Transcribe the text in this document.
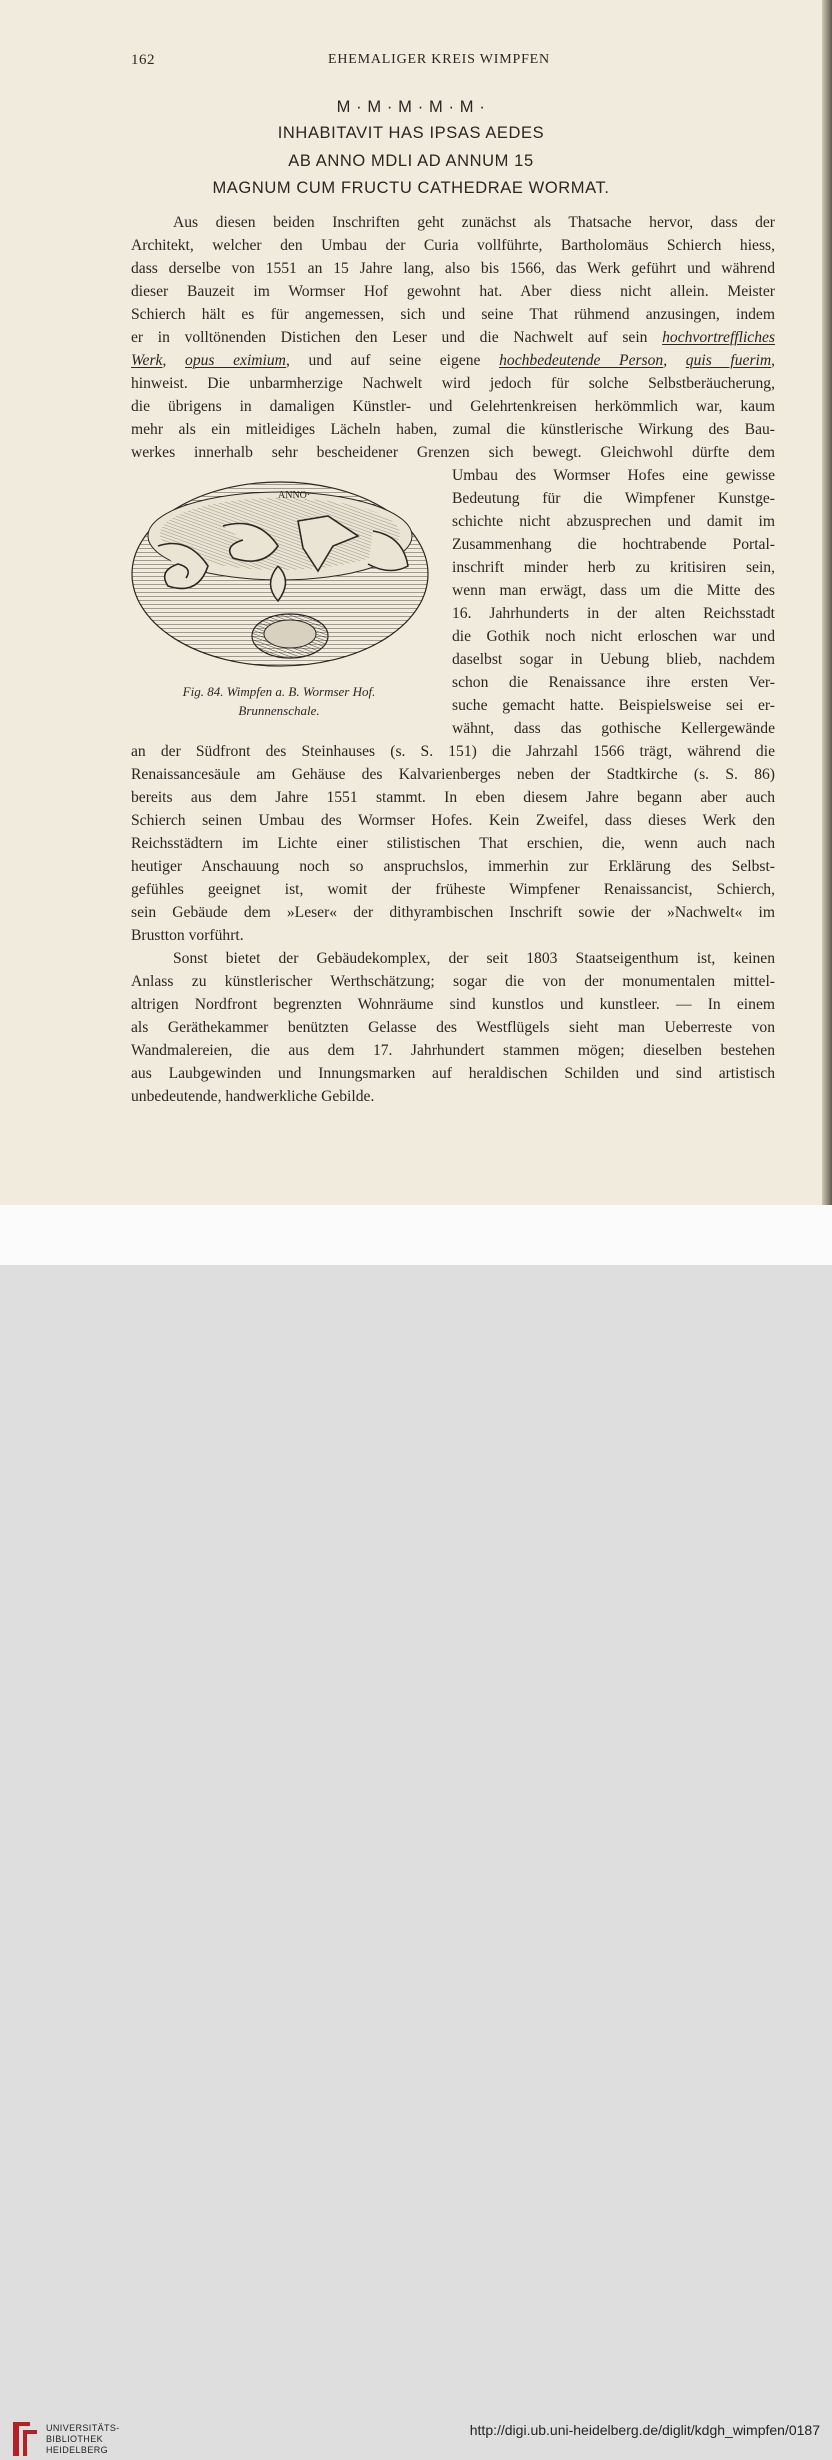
162	EHEMALIGER KREIS WIMPFEN
M · M · M · M · M ·
INHABITAVIT HAS IPSAS AEDES
AB ANNO MDLI AD ANNUM 15
MAGNUM CUM FRUCTU CATHEDRAE WORMAT.
Aus diesen beiden Inschriften geht zunächst als Thatsache hervor, dass der
Architekt, welcher den Umbau der Curia vollführte, Bartholomäus Schierch hiess,
dass derselbe von 1551 an 15 Jahre lang, also bis 1566, das Werk geführt und während
dieser Bauzeit im Wormser Hof gewohnt hat. Aber diess nicht allein. Meister
Schierch hält es für angemessen, sich und seine That rühmend anzusingen, indem
er in volltönenden Distichen den Leser und die Nachwelt auf sein hochvortreffliches
Werk, opus eximium, und auf seine eigene hochbedeutende Person, quis fuerim,
hinweist. Die unbarmherzige Nachwelt wird jedoch für solche Selbstberäucherung,
die übrigens in damaligen Künstler- und Gelehrtenkreisen herkömmlich war, kaum
mehr als ein mitleidiges Lächeln haben, zumal die künstlerische Wirkung des Bau-
werkes innerhalb sehr bescheidener Grenzen sich bewegt. Gleichwohl dürfte dem
Umbau des Wormser Hofes eine gewisse
Bedeutung für die Wimpfener Kunstge-
schichte nicht abzusprechen und damit im
Zusammenhang die hochtrabende Portal-
inschrift minder herb zu kritisiren sein,
wenn man erwägt, dass um die Mitte des
16. Jahrhunderts in der alten Reichsstadt
die Gothik noch nicht erloschen war und
daselbst sogar in Uebung blieb, nachdem
schon die Renaissance ihre ersten Ver-
suche gemacht hatte. Beispielsweise sei er-
wähnt, dass das gothische Kellergewände
an der Südfront des Steinhauses (s. S. 151) die Jahrzahl 1566 trägt, während die
Renaissancesäule am Gehäuse des Kalvarienberges neben der Stadtkirche (s. S. 86)
bereits aus dem Jahre 1551 stammt. In eben diesem Jahre begann aber auch
Schierch seinen Umbau des Wormser Hofes. Kein Zweifel, dass dieses Werk den
Reichsstädtern im Lichte einer stilistischen That erschien, die, wenn auch nach
heutiger Anschauung noch so anspruchslos, immerhin zur Erklärung des Selbst-
gefühles geeignet ist, womit der früheste Wimpfener Renaissancist, Schierch,
sein Gebäude dem »Leser« der dithyrambischen Inschrift sowie der »Nachwelt« im
Brustton vorführt.
Sonst bietet der Gebäudekomplex, der seit 1803 Staatseigenthum ist, keinen
Anlass zu künstlerischer Werthschätzung; sogar die von der monumentalen mittel-
altrigen Nordfront begrenzten Wohnräume sind kunstlos und kunstleer. — In einem
als Geräthekammer benützten Gelasse des Westflügels sieht man Ueberreste von
Wandmalereien, die aus dem 17. Jahrhundert stammen mögen; dieselben bestehen
aus Laubgewinden und Innungsmarken auf heraldischen Schilden und sind artistisch
unbedeutende, handwerkliche Gebilde.
ANNO·
Fig. 84. Wimpfen a. B. Wormser Hof.
Brunnenschale.
UNIVERSITÄTS-
BIBLIOTHEK
HEIDELBERG
http://digi.ub.uni-heidelberg.de/diglit/kdgh_wimpfen/0187
